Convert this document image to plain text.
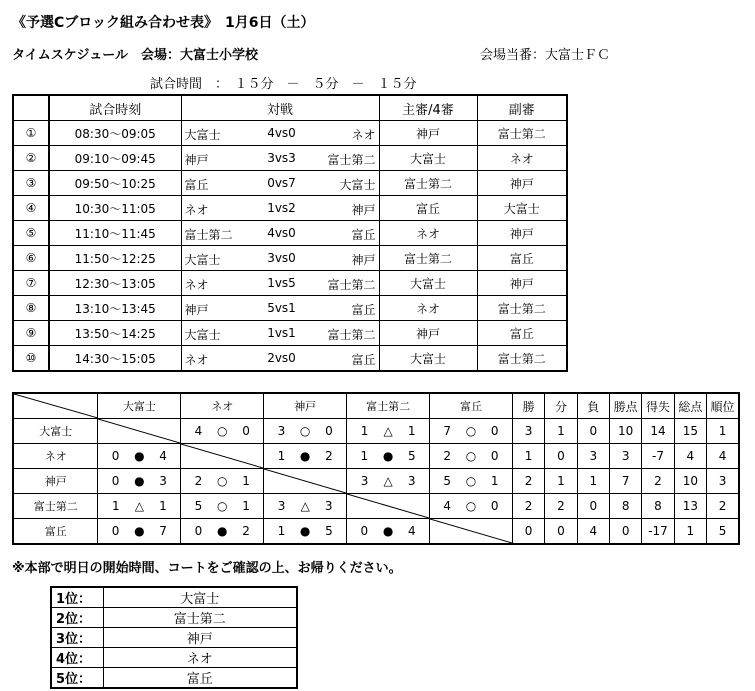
《予選Cブロック組み合わせ表》　1月6日（土）
タイムスケジュール　会場：大富士小学校	会場当番：大富士ＦＣ
試合時間　：　１５分　－　５分　－　１５分
	試合時刻	対戦	主審/4審	副審
①	08:30～09:05	大富士 4vs0 ネオ	神戸	富士第二
②	09:10～09:45	神戸 3vs3 富士第二	大富士	ネオ
③	09:50～10:25	富丘 0vs7 大富士	富士第二	神戸
④	10:30～11:05	ネオ 1vs2 神戸	富丘	大富士
⑤	11:10～11:45	富士第二 4vs0 富丘	ネオ	神戸
⑥	11:50～12:25	大富士 3vs0 神戸	富士第二	富丘
⑦	12:30～13:05	ネオ 1vs5 富士第二	大富士	神戸
⑧	13:10～13:45	神戸 5vs1 富丘	ネオ	富士第二
⑨	13:50～14:25	大富士 1vs1 富士第二	神戸	富丘
⑩	14:30～15:05	ネオ 2vs0 富丘	大富士	富士第二
	大富士	ネオ	神戸	富士第二	富丘	勝	分	負	勝点	得失	総点	順位
大富士		4 ○ 0	3 ○ 0	1 △ 1	7 ○ 0	3	1	0	10	14	15	1
ネオ	0 ● 4		1 ● 2	1 ● 5	2 ○ 0	1	0	3	3	-7	4	4
神戸	0 ● 3	2 ○ 1		3 △ 3	5 ○ 1	2	1	1	7	2	10	3
富士第二	1 △ 1	5 ○ 1	3 △ 3		4 ○ 0	2	2	0	8	8	13	2
富丘	0 ● 7	0 ● 2	1 ● 5	0 ● 4		0	0	4	0	-17	1	5
※本部で明日の開始時間、コートをご確認の上、お帰りください。
1位：	大富士
2位：	富士第二
3位：	神戸
4位：	ネオ
5位：	富丘
